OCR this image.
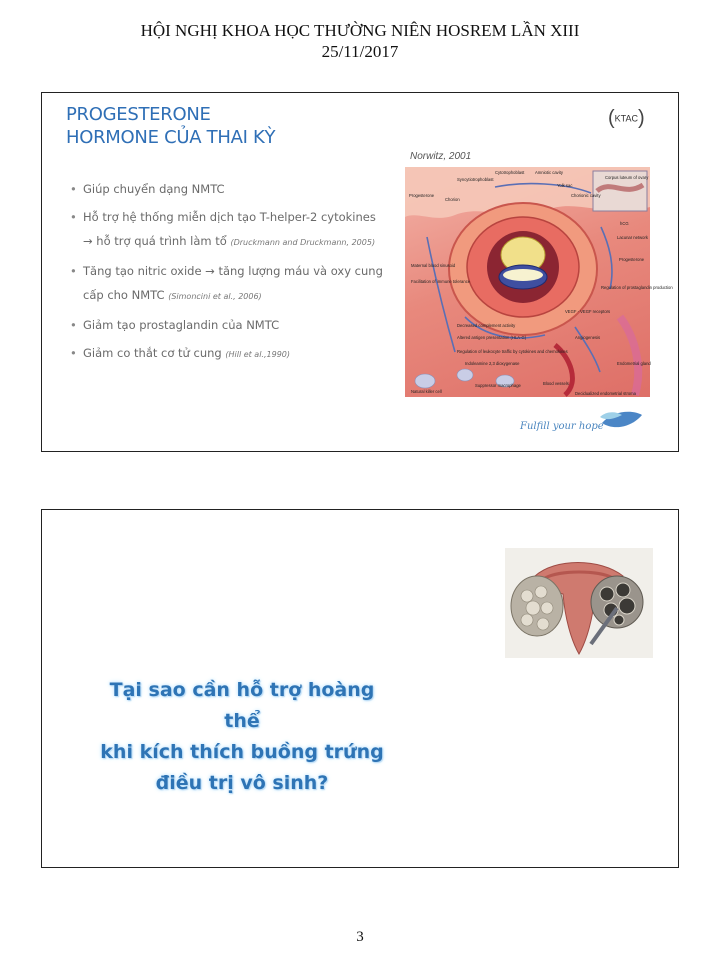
HỘI NGHỊ KHOA HỌC THƯỜNG NIÊN HOSREM LẦN XIII
25/11/2017
PROGESTERONE
HORMONE CỦA THAI KỲ
(KTAC)
Norwitz, 2001
• Giúp chuyển dạng NMTC
• Hỗ trợ hệ thống miễn dịch tạo T-helper-2 cytokines
→ hỗ trợ quá trình làm tổ (Druckmann and Druckmann, 2005)
• Tăng tạo nitric oxide → tăng lượng máu và oxy cung
cấp cho NMTC (Simoncini et al., 2006)
• Giảm tạo prostaglandin của NMTC
• Giảm co thắt cơ tử cung (Hill et al.,1990)
Progesterone
Syncytiotrophoblast
Cytotrophoblast	Amniotic cavity
Yolk sac
Chorionic cavity
Corpus luteum of ovary
Chorion
hCG
Lacunar network
Maternal blood sinusoid
Facilitation of immune tolerance
Decreased complement activity
Altered antigen presentation (HLA-G)
Regulation of leukocyte traffic by cytokines and chemokines
Regulation of prostaglandin production
VEGF - VEGF receptors
Angiogenesis
Indoleamine 2,3 dioxygenase
Suppressor macrophage
Natural killer cell
Blood vessels
Decidualized endometrial stroma
Endometrial gland
Progesterone
Fulfill your hope
Tại sao cần hỗ trợ hoàng thể
khi kích thích buồng trứng
điều trị vô sinh?
3
